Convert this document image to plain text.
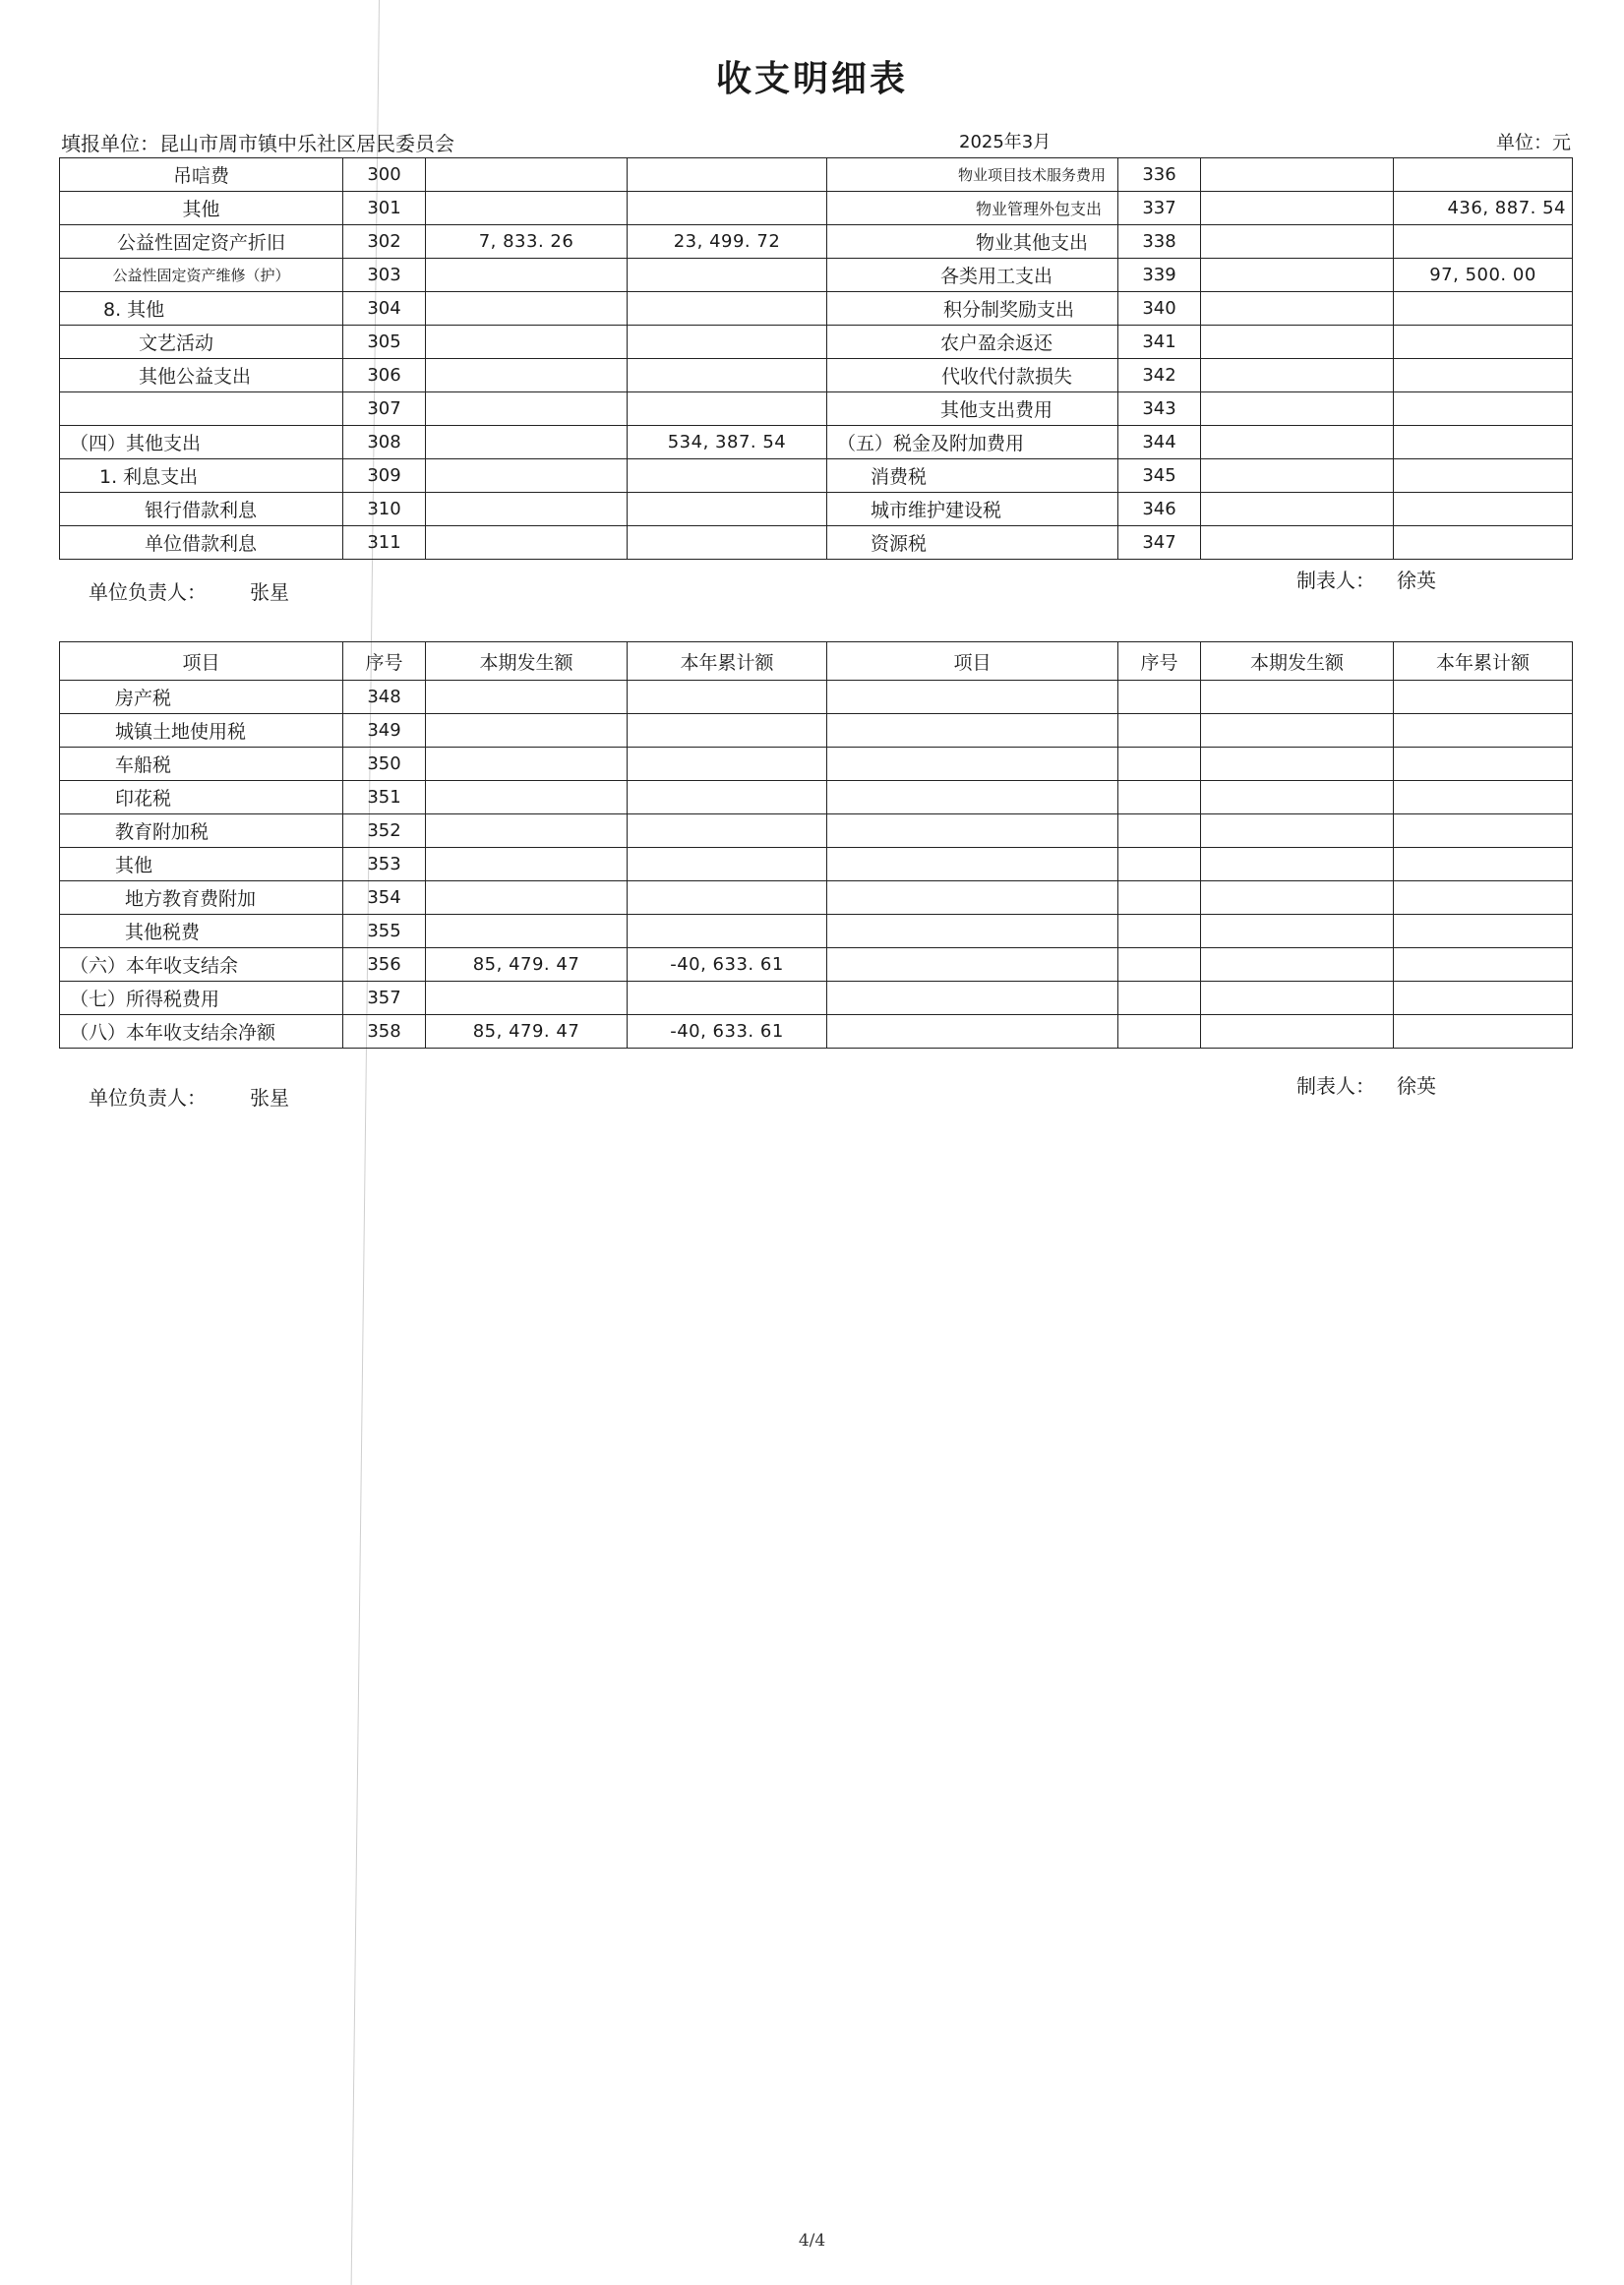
收支明细表
填报单位：昆山市周市镇中乐社区居民委员会	2025年3月	单位：元
吊唁费	300			物业项目技术服务费用	336		
其他	301			物业管理外包支出	337		436, 887. 54
公益性固定资产折旧	302	7, 833. 26	23, 499. 72	物业其他支出	338		
公益性固定资产维修（护）	303			各类用工支出	339		97, 500. 00
8. 其他	304			积分制奖励支出	340		
文艺活动	305			农户盈余返还	341		
其他公益支出	306			代收代付款损失	342		
	307			其他支出费用	343		
（四）其他支出	308		534, 387. 54	（五）税金及附加费用	344		
1. 利息支出	309			消费税	345		
银行借款利息	310			城市维护建设税	346		
单位借款利息	311			资源税	347		
单位负责人： 张星	制表人： 徐英
项目	序号	本期发生额	本年累计额	项目	序号	本期发生额	本年累计额
房产税	348						
城镇土地使用税	349						
车船税	350						
印花税	351						
教育附加税	352						
其他	353						
地方教育费附加	354						
其他税费	355						
（六）本年收支结余	356	85, 479. 47	-40, 633. 61				
（七）所得税费用	357						
（八）本年收支结余净额	358	85, 479. 47	-40, 633. 61				
单位负责人： 张星	制表人： 徐英
4/4
